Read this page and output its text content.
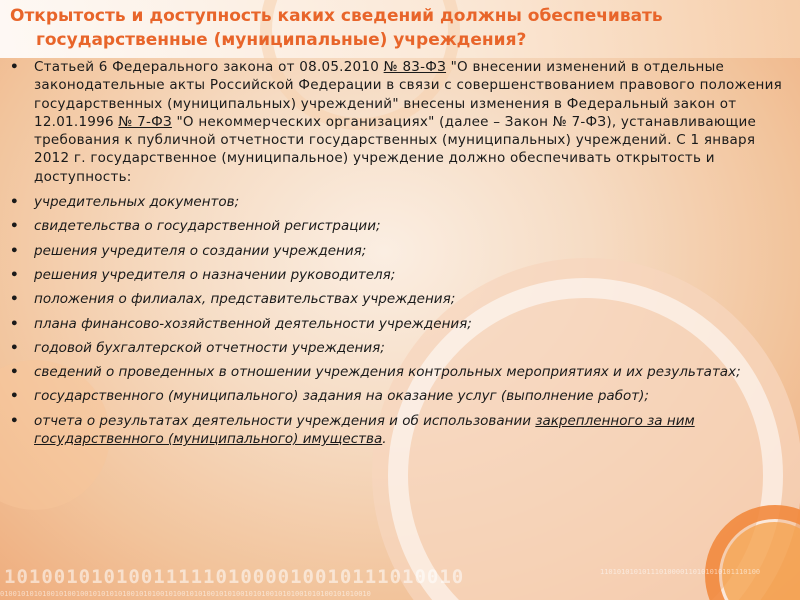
1010010101001111101000010010111010010	11010101010111010000110101010101110100
0100101010100101001001010101010010101001010010101001010100101010010101001010100101010010
Открытость и доступность каких сведений должны обеспечивать
государственные (муниципальные) учреждения?
• Статьей 6 Федерального закона от 08.05.2010 № 83-ФЗ "О внесении изменений в отдельные законодательные акты Российской Федерации в связи с совершенствованием правового положения государственных (муниципальных) учреждений" внесены изменения в Федеральный закон от 12.01.1996 № 7-ФЗ "О некоммерческих организациях" (далее – Закон № 7-ФЗ), устанавливающие требования к публичной отчетности государственных (муниципальных) учреждений. С 1 января 2012 г. государственное (муниципальное) учреждение должно обеспечивать открытость и доступность:
• учредительных документов;
• свидетельства о государственной регистрации;
• решения учредителя о создании учреждения;
• решения учредителя о назначении руководителя;
• положения о филиалах, представительствах учреждения;
• плана финансово-хозяйственной деятельности учреждения;
• годовой бухгалтерской отчетности учреждения;
• сведений о проведенных в отношении учреждения контрольных мероприятиях и их результатах;
• государственного (муниципального) задания на оказание услуг (выполнение работ);
• отчета о результатах деятельности учреждения и об использовании закрепленного за ним государственного (муниципального) имущества.
